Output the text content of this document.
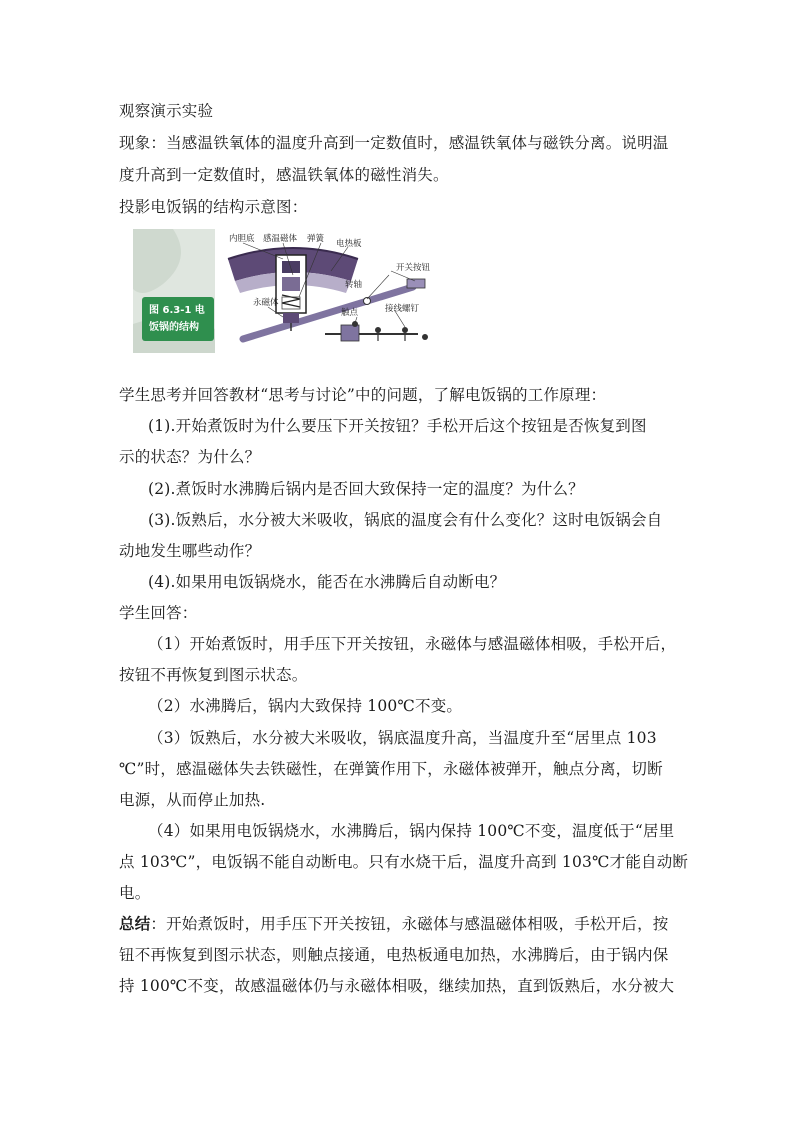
观察演示实验
现象：当感温铁氧体的温度升高到一定数值时，感温铁氧体与磁铁分离。说明温
度升高到一定数值时，感温铁氧体的磁性消失。
投影电饭锅的结构示意图：
图 6.3-1 电
饭锅的结构
内胆底 感温磁体 弹簧 电热板
开关按钮
转轴
永磁体
触点	接线螺钉
学生思考并回答教材“思考与讨论”中的问题，了解电饭锅的工作原理：
(1).开始煮饭时为什么要压下开关按钮？手松开后这个按钮是否恢复到图
示的状态？为什么？
(2).煮饭时水沸腾后锅内是否回大致保持一定的温度？为什么？
(3).饭熟后，水分被大米吸收，锅底的温度会有什么变化？这时电饭锅会自
动地发生哪些动作？
(4).如果用电饭锅烧水，能否在水沸腾后自动断电？
学生回答：
（1）开始煮饭时，用手压下开关按钮，永磁体与感温磁体相吸，手松开后，
按钮不再恢复到图示状态。
（2）水沸腾后，锅内大致保持 100℃不变。
（3）饭熟后，水分被大米吸收，锅底温度升高，当温度升至“居里点 103
℃”时，感温磁体失去铁磁性，在弹簧作用下，永磁体被弹开，触点分离，切断
电源，从而停止加热.
（4）如果用电饭锅烧水，水沸腾后，锅内保持 100℃不变，温度低于“居里
点 103℃”，电饭锅不能自动断电。只有水烧干后，温度升高到 103℃才能自动断
电。
总结：开始煮饭时，用手压下开关按钮，永磁体与感温磁体相吸，手松开后，按
钮不再恢复到图示状态，则触点接通，电热板通电加热，水沸腾后，由于锅内保
持 100℃不变，故感温磁体仍与永磁体相吸，继续加热，直到饭熟后，水分被大
